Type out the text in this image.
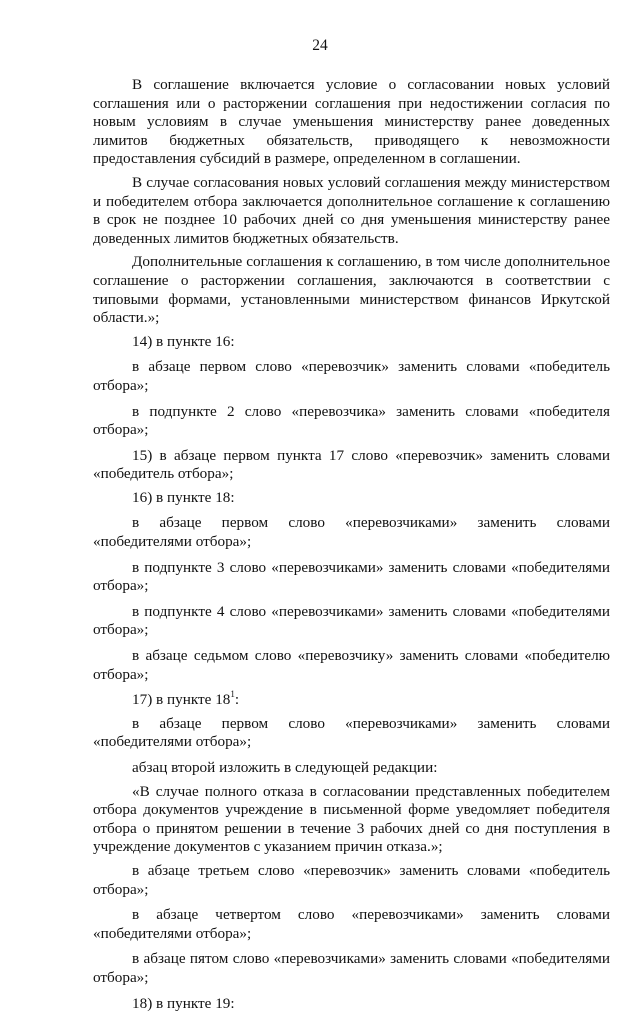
24

В соглашение включается условие о согласовании новых условий соглашения или о расторжении соглашения при недостижении согласия по новым условиям в случае уменьшения министерству ранее доведенных лимитов бюджетных обязательств, приводящего к невозможности предоставления субсидий в размере, определенном в соглашении.

В случае согласования новых условий соглашения между министерством и победителем отбора заключается дополнительное соглашение к соглашению в срок не позднее 10 рабочих дней со дня уменьшения министерству ранее доведенных лимитов бюджетных обязательств.

Дополнительные соглашения к соглашению, в том числе дополнительное соглашение о расторжении соглашения, заключаются в соответствии с типовыми формами, установленными министерством финансов Иркутской области.»;

14) в пункте 16:

в абзаце первом слово «перевозчик» заменить словами «победитель отбора»;

в подпункте 2 слово «перевозчика» заменить словами «победителя отбора»;

15) в абзаце первом пункта 17 слово «перевозчик» заменить словами «победитель отбора»;

16) в пункте 18:

в абзаце первом слово «перевозчиками» заменить словами «победителями отбора»;

в подпункте 3 слово «перевозчиками» заменить словами «победителями отбора»;

в подпункте 4 слово «перевозчиками» заменить словами «победителями отбора»;

в абзаце седьмом слово «перевозчику» заменить словами «победителю отбора»;

17) в пункте $18^1$:

в абзаце первом слово «перевозчиками» заменить словами «победителями отбора»;

абзац второй изложить в следующей редакции:

«В случае полного отказа в согласовании представленных победителем отбора документов учреждение в письменной форме уведомляет победителя отбора о принятом решении в течение 3 рабочих дней со дня поступления в учреждение документов с указанием причин отказа.»;

в абзаце третьем слово «перевозчик» заменить словами «победитель отбора»;

в абзаце четвертом слово «перевозчиками» заменить словами «победителями отбора»;

в абзаце пятом слово «перевозчиками» заменить словами «победителями отбора»;

18) в пункте 19:
